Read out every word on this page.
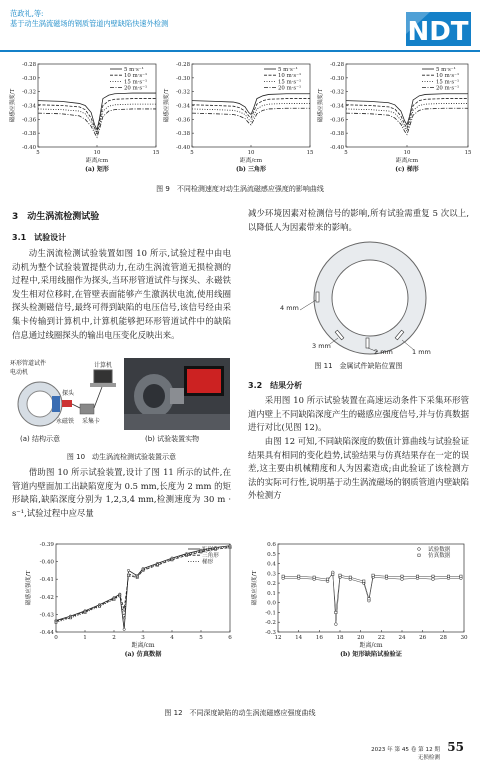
范政礼,等:
基于动生涡流磁场的钢质管道内壁缺陷快速外检测	NDT
5	10	15
-0.40
-0.38
-0.36
-0.34
-0.32
-0.30
-0.28
距离/cm
磁感应强度/T
(a) 矩形
5 m·s⁻¹
10 m·s⁻¹
15 m·s⁻¹
20 m·s⁻¹
5	10	15
-0.40
-0.38
-0.36
-0.34
-0.32
-0.30
-0.28
距离/cm
磁感应强度/T
(b) 三角形
5 m·s⁻¹
10 m·s⁻¹
15 m·s⁻¹
20 m·s⁻¹
5	10	15
-0.40
-0.38
-0.36
-0.34
-0.32
-0.30
-0.28
距离/cm
磁感应强度/T
(c) 梯形
5 m·s⁻¹
10 m·s⁻¹
15 m·s⁻¹
20 m·s⁻¹
图 9　不同检测速度对动生涡流磁感应强度的影响曲线
3　动生涡流检测试验
3.1　试验设计
动生涡流检测试验装置如图 10 所示,试验过程中由电动机为整个试验装置提供动力,在动生涡流管道无损检测的过程中,采用线圈作为探头,当环形管道试件与探头、永磁铁发生相对位移时,在管壁表面能够产生激涡状电流,使用线圈探头检测磁信号,最终可得到缺陷的电压信号,该信号经由采集卡传输到计算机中,计算机能够把环形管道试件中的缺陷信息通过线圈探头的输出电压变化反映出来。
环形管道试件
电动机
计算机
探头
永磁铁 采集卡
(a) 结构示意	(b) 试验装置实物
图 10　动生涡流检测试验装置示意
借助图 10 所示试验装置,设计了图 11 所示的试件,在管道内壁面加工出缺陷宽度为 0.5 mm,长度为 2 mm 的矩形缺陷,缺陷深度分别为 1,2,3,4 mm,检测速度为 30 m · s⁻¹,试验过程中应尽量
减少环境因素对检测信号的影响,所有试验需重复 5 次以上,以降低人为因素带来的影响。
4 mm
3 mm
2 mm	1 mm
图 11　金属试件缺陷位置图
3.2　结果分析
采用图 10 所示试验装置在高速运动条件下采集环形管道内壁上不同缺陷深度产生的磁感应强度信号,并与仿真数据进行对比(见图 12)。
由图 12 可知,不同缺陷深度的数值计算曲线与试验验证结果具有相同的变化趋势,试验结果与仿真结果存在一定的误差,这主要由机械精度和人为因素造成;由此验证了该检测方法的实际可行性,说明基于动生涡流磁场的钢质管道内壁缺陷外检测方
0	1	2	3	4	5	6
-0.44
-0.43
-0.42
-0.41
-0.40
-0.39
距离/cm
磁感应强度/T
(a) 仿真数据
矩形
三角形
梯形
12 14 16 18 20 22 24 26 28 30
-0.3
-0.2
-0.1
0.0
0.1
0.2
0.3
0.4
0.5
0.6
距离/cm
磁感应强度/T
(b) 矩形缺陷试验验证
试验数据
仿真数据
图 12　不同深度缺陷的动生涡流磁感应强度曲线
2023 年 第 45 卷 第 12 期
无损检测
55
